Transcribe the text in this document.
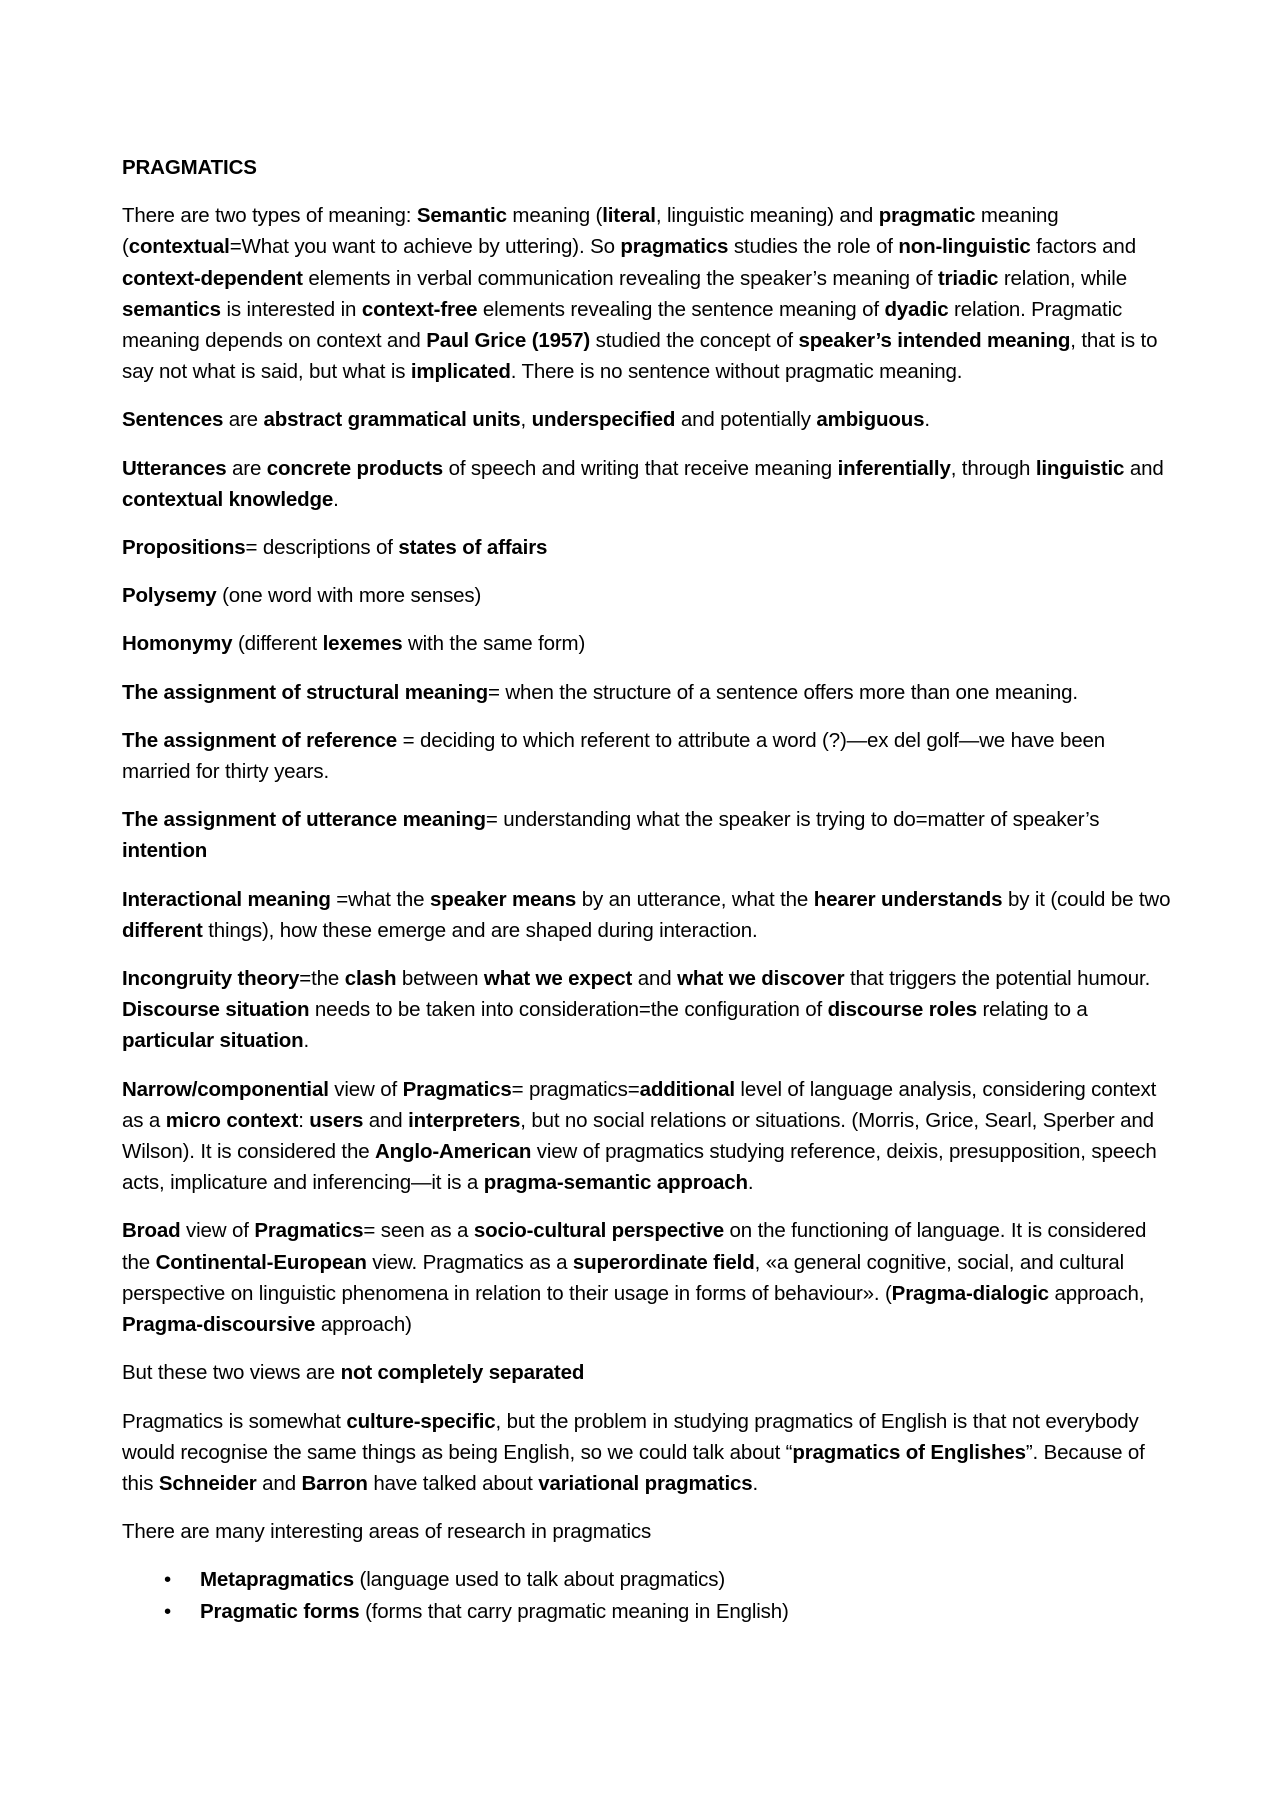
PRAGMATICS

There are two types of meaning: Semantic meaning (literal, linguistic meaning) and pragmatic meaning (contextual=What you want to achieve by uttering). So pragmatics studies the role of non-linguistic factors and context-dependent elements in verbal communication revealing the speaker’s meaning of triadic relation, while semantics is interested in context-free elements revealing the sentence meaning of dyadic relation. Pragmatic meaning depends on context and Paul Grice (1957) studied the concept of speaker’s intended meaning, that is to say not what is said, but what is implicated. There is no sentence without pragmatic meaning.

Sentences are abstract grammatical units, underspecified and potentially ambiguous.

Utterances are concrete products of speech and writing that receive meaning inferentially, through linguistic and contextual knowledge.

Propositions= descriptions of states of affairs

Polysemy (one word with more senses)

Homonymy (different lexemes with the same form)

The assignment of structural meaning= when the structure of a sentence offers more than one meaning.

The assignment of reference = deciding to which referent to attribute a word (?)—ex del golf—we have been married for thirty years.

The assignment of utterance meaning= understanding what the speaker is trying to do=matter of speaker’s intention

Interactional meaning =what the speaker means by an utterance, what the hearer understands by it (could be two different things), how these emerge and are shaped during interaction.

Incongruity theory=the clash between what we expect and what we discover that triggers the potential humour. Discourse situation needs to be taken into consideration=the configuration of discourse roles relating to a particular situation.

Narrow/componential view of Pragmatics= pragmatics=additional level of language analysis, considering context as a micro context: users and interpreters, but no social relations or situations. (Morris, Grice, Searl, Sperber and Wilson). It is considered the Anglo-American view of pragmatics studying reference, deixis, presupposition, speech acts, implicature and inferencing—it is a pragma-semantic approach.

Broad view of Pragmatics= seen as a socio-cultural perspective on the functioning of language. It is considered the Continental-European view. Pragmatics as a superordinate field, «a general cognitive, social, and cultural perspective on linguistic phenomena in relation to their usage in forms of behaviour». (Pragma-dialogic approach, Pragma-discoursive approach)

But these two views are not completely separated

Pragmatics is somewhat culture-specific, but the problem in studying pragmatics of English is that not everybody would recognise the same things as being English, so we could talk about “pragmatics of Englishes”. Because of this Schneider and Barron have talked about variational pragmatics.

There are many interesting areas of research in pragmatics

• Metapragmatics (language used to talk about pragmatics)
• Pragmatic forms (forms that carry pragmatic meaning in English)
